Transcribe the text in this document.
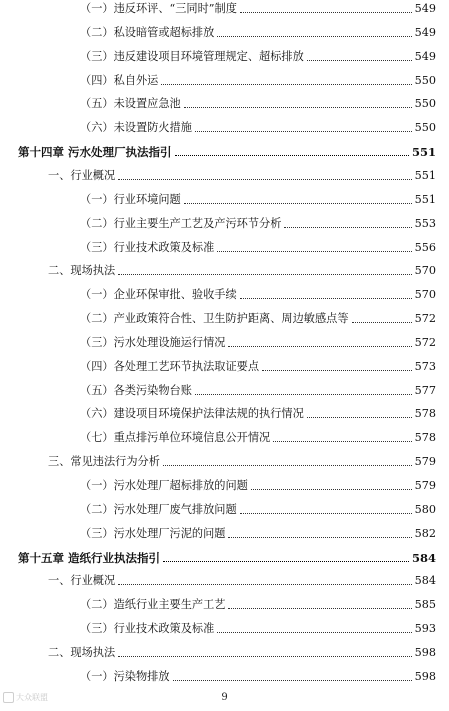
（一）违反环评、“三同时”制度	549
（二）私设暗管或超标排放	549
（三）违反建设项目环境管理规定、超标排放	549
（四）私自外运	550
（五）未设置应急池	550
（六）未设置防火措施	550
第十四章 污水处理厂执法指引	551
一、行业概况	551
（一）行业环境问题	551
（二）行业主要生产工艺及产污环节分析	553
（三）行业技术政策及标准	556
二、现场执法	570
（一）企业环保审批、验收手续	570
（二）产业政策符合性、卫生防护距离、周边敏感点等	572
（三）污水处理设施运行情况	572
（四）各处理工艺环节执法取证要点	573
（五）各类污染物台账	577
（六）建设项目环境保护法律法规的执行情况	578
（七）重点排污单位环境信息公开情况	578
三、常见违法行为分析	579
（一）污水处理厂超标排放的问题	579
（二）污水处理厂废气排放问题	580
（三）污水处理厂污泥的问题	582
第十五章 造纸行业执法指引	584
一、行业概况	584
（二）造纸行业主要生产工艺	585
（三）行业技术政策及标准	593
二、现场执法	598
（一）污染物排放	598
9
大众联盟
